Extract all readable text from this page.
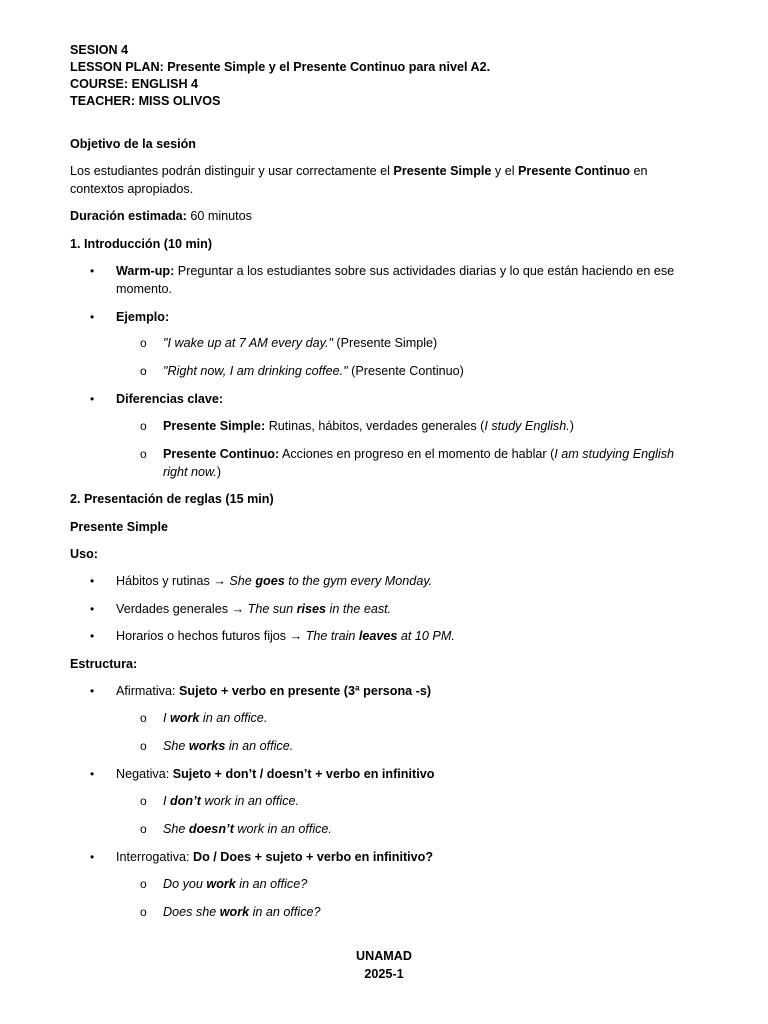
SESION 4
LESSON PLAN: Presente Simple y el Presente Continuo para nivel A2.
COURSE: ENGLISH 4
TEACHER: MISS OLIVOS

Objetivo de la sesión

Los estudiantes podrán distinguir y usar correctamente el Presente Simple y el Presente Continuo en contextos apropiados.

Duración estimada: 60 minutos

1. Introducción (10 min)

• Warm-up: Preguntar a los estudiantes sobre sus actividades diarias y lo que están haciendo en ese momento.
• Ejemplo:
o "I wake up at 7 AM every day." (Presente Simple)
o "Right now, I am drinking coffee." (Presente Continuo)
• Diferencias clave:
o Presente Simple: Rutinas, hábitos, verdades generales (I study English.)
o Presente Continuo: Acciones en progreso en el momento de hablar (I am studying English right now.)

2. Presentación de reglas (15 min)

Presente Simple

Uso:

• Hábitos y rutinas → She goes to the gym every Monday.
• Verdades generales → The sun rises in the east.
• Horarios o hechos futuros fijos → The train leaves at 10 PM.

Estructura:

• Afirmativa: Sujeto + verbo en presente (3ª persona -s)
o I work in an office.
o She works in an office.
• Negativa: Sujeto + don’t / doesn’t + verbo en infinitivo
o I don’t work in an office.
o She doesn’t work in an office.
• Interrogativa: Do / Does + sujeto + verbo en infinitivo?
o Do you work in an office?
o Does she work in an office?
UNAMAD
2025-1
